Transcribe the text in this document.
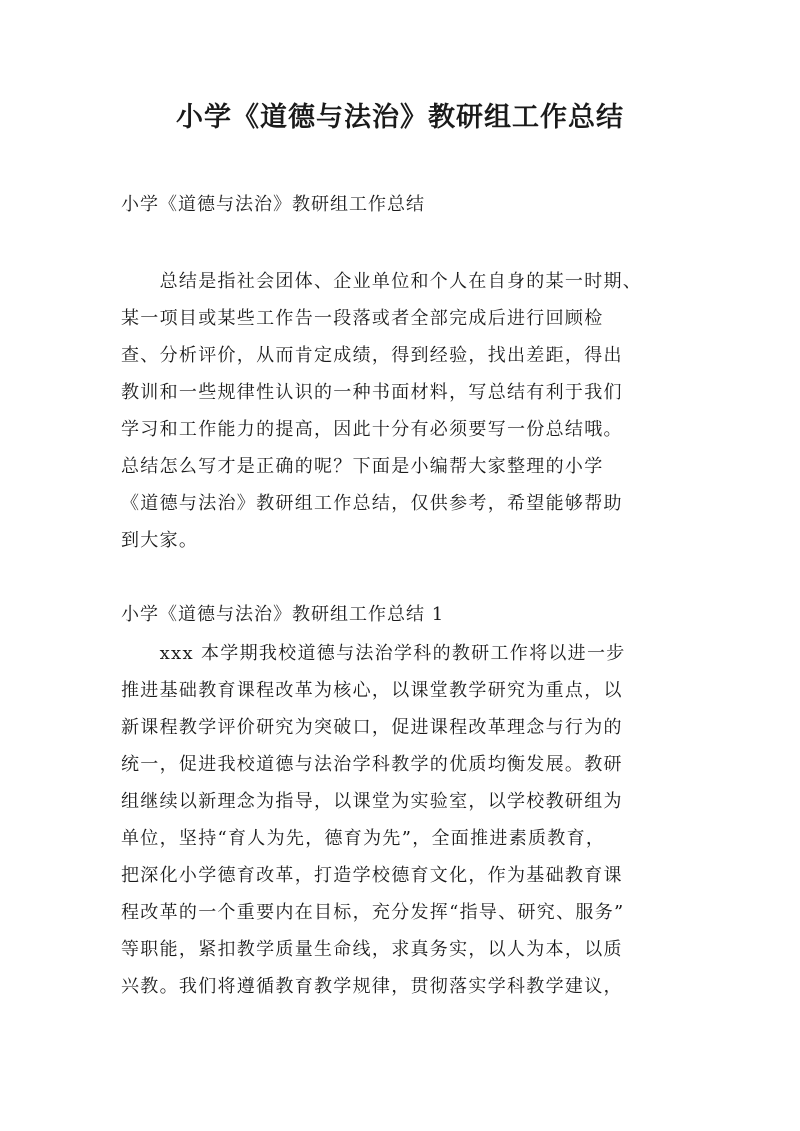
小学《道德与法治》教研组工作总结
小学《道德与法治》教研组工作总结
　　总结是指社会团体、企业单位和个人在自身的某一时期、
某一项目或某些工作告一段落或者全部完成后进行回顾检
查、分析评价，从而肯定成绩，得到经验，找出差距，得出
教训和一些规律性认识的一种书面材料，写总结有利于我们
学习和工作能力的提高，因此十分有必须要写一份总结哦。
总结怎么写才是正确的呢？下面是小编帮大家整理的小学
《道德与法治》教研组工作总结，仅供参考，希望能够帮助
到大家。
小学《道德与法治》教研组工作总结 1
　　xxx 本学期我校道德与法治学科的教研工作将以进一步
推进基础教育课程改革为核心，以课堂教学研究为重点，以
新课程教学评价研究为突破口，促进课程改革理念与行为的
统一，促进我校道德与法治学科教学的优质均衡发展。教研
组继续以新理念为指导，以课堂为实验室，以学校教研组为
单位，坚持“育人为先，德育为先”，全面推进素质教育，
把深化小学德育改革，打造学校德育文化，作为基础教育课
程改革的一个重要内在目标，充分发挥“指导、研究、服务”
等职能，紧扣教学质量生命线，求真务实，以人为本，以质
兴教。我们将遵循教育教学规律，贯彻落实学科教学建议，
